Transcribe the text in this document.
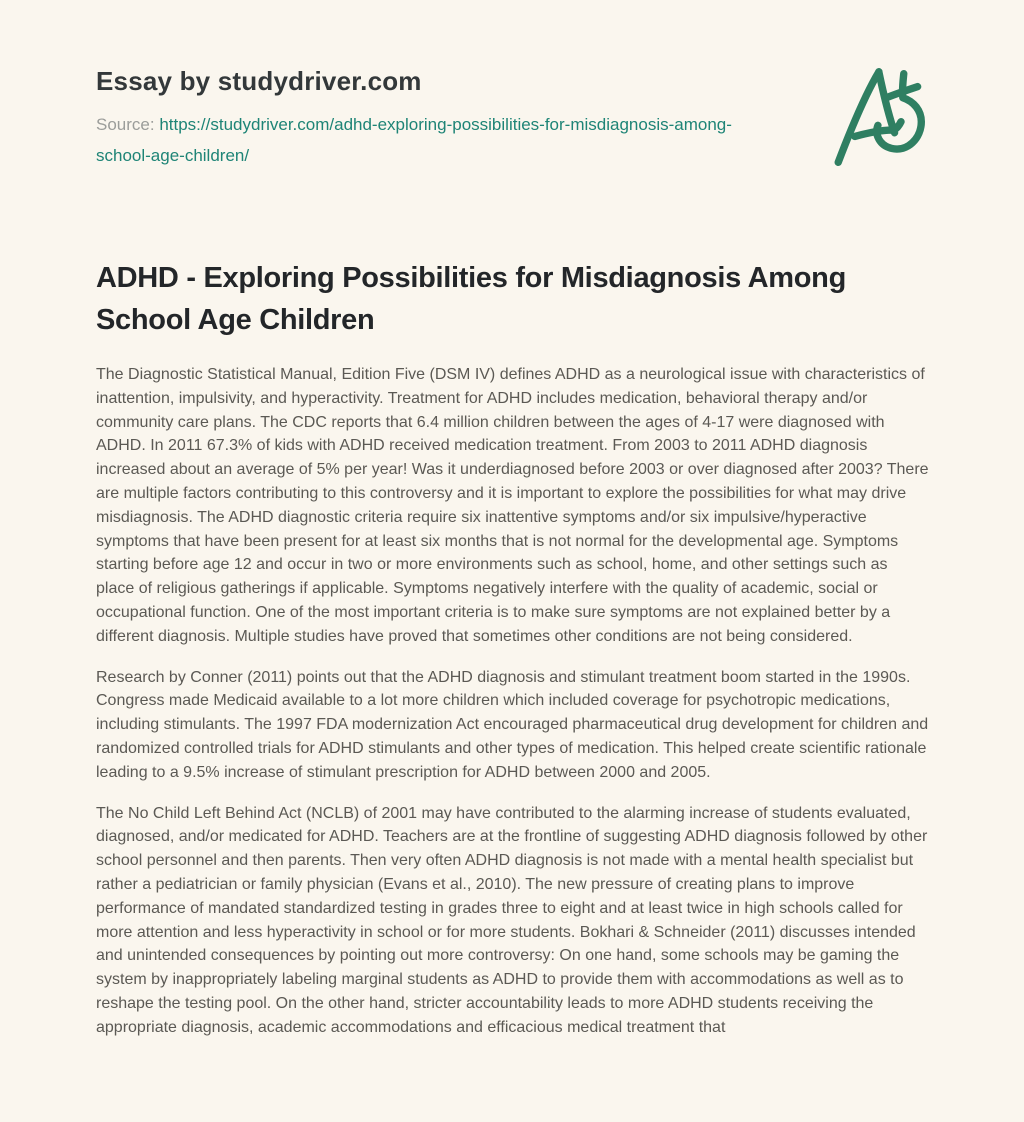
Essay by studydriver.com

Source: https://studydriver.com/adhd-exploring-possibilities-for-misdiagnosis-among-school-age-children/

ADHD - Exploring Possibilities for Misdiagnosis Among School Age Children

The Diagnostic Statistical Manual, Edition Five (DSM IV) defines ADHD as a neurological issue with characteristics of inattention, impulsivity, and hyperactivity. Treatment for ADHD includes medication, behavioral therapy and/or community care plans. The CDC reports that 6.4 million children between the ages of 4-17 were diagnosed with ADHD. In 2011 67.3% of kids with ADHD received medication treatment. From 2003 to 2011 ADHD diagnosis increased about an average of 5% per year! Was it underdiagnosed before 2003 or over diagnosed after 2003? There are multiple factors contributing to this controversy and it is important to explore the possibilities for what may drive misdiagnosis. The ADHD diagnostic criteria require six inattentive symptoms and/or six impulsive/hyperactive symptoms that have been present for at least six months that is not normal for the developmental age. Symptoms starting before age 12 and occur in two or more environments such as school, home, and other settings such as place of religious gatherings if applicable. Symptoms negatively interfere with the quality of academic, social or occupational function. One of the most important criteria is to make sure symptoms are not explained better by a different diagnosis. Multiple studies have proved that sometimes other conditions are not being considered.

Research by Conner (2011) points out that the ADHD diagnosis and stimulant treatment boom started in the 1990s. Congress made Medicaid available to a lot more children which included coverage for psychotropic medications, including stimulants. The 1997 FDA modernization Act encouraged pharmaceutical drug development for children and randomized controlled trials for ADHD stimulants and other types of medication. This helped create scientific rationale leading to a 9.5% increase of stimulant prescription for ADHD between 2000 and 2005.

The No Child Left Behind Act (NCLB) of 2001 may have contributed to the alarming increase of students evaluated, diagnosed, and/or medicated for ADHD. Teachers are at the frontline of suggesting ADHD diagnosis followed by other school personnel and then parents. Then very often ADHD diagnosis is not made with a mental health specialist but rather a pediatrician or family physician (Evans et al., 2010). The new pressure of creating plans to improve performance of mandated standardized testing in grades three to eight and at least twice in high schools called for more attention and less hyperactivity in school or for more students. Bokhari & Schneider (2011) discusses intended and unintended consequences by pointing out more controversy: On one hand, some schools may be gaming the system by inappropriately labeling marginal students as ADHD to provide them with accommodations as well as to reshape the testing pool. On the other hand, stricter accountability leads to more ADHD students receiving the appropriate diagnosis, academic accommodations and efficacious medical treatment that
